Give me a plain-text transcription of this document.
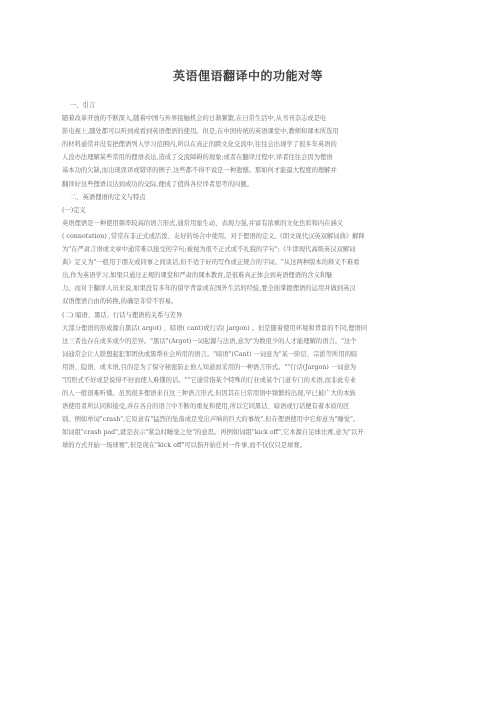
英语俚语翻译中的功能对等

一、引言

随着改革开放的不断深入,随着中国与外界接触机会的日渐频繁,在日常生活中,从书刊杂志或是电

影电视上,随处都可以听到或看到英语俚语的使用。但是,在中国传统的英语课堂中,教师和课本所选用

的材料通常并没有把俚语列入学习范围内,所以在真正的跨文化交流中,往往会出现学了很多年英语的

人没办法理解某些常用的俚语表达,造成了交流障碍的现象;或者在翻译过程中,译者往往会因为俚语

基本功的欠缺,而出现误译或错译的例子,这些都不得不说是一种遗憾。那如何才能最大程度的理解并

翻译好这些俚语以达到成功的交际,便成了值得各位译者思考的问题。

二、英语俚语的定义与特点

(一)定义

英语俚语是一种使用频率较高的语言形式,通常用象生动、表现力强,并富有浓重的文化色彩和内在涵义

( connotation) ,常常在非正式或活泼、友好的场合中使用。对于俚语的定义,《朗文现代汉英双解词典》解释

为"在严肃言语或文章中通常难以接受的字句;被视为很不正式或不礼貌的字句";《牛津现代高级英汉双解词

典》定义为"一般用于朋友或同事之间谈话,但不适于好的写作或正规合的字词。"从这两种版本的释义不难看

出,作为英语学习,如果只通过正规的课堂和严肃的课本教育,是很难真正体会到英语俚语的含义和魅

力。而对于翻译人员来说,如果没有多年的留学背景或在国外生活的经验,要全面掌握俚语的运用并做到英汉

双语俚语自由的转换,的确是非常不容易。

(二) 暗语、黑话、行话与俚语的关系与差异

大部分俚语的形成源自黑话( argot) 、暗语( cant)或行话( jargon) 。但是随着使用环境和背景的不同,俚语同

这三者也存在或多或少的差异。"黑话"(Argot)一词起源与法语,意为"为数很少的人才能理解的语言。"这个

词通常会让人联想起犯罪团伙或黑帮社会所用的语言。"暗语"(Cant) 一词意为"某一阶层、宗派等所用的暗

用语、隐语、或术语,目的是为了保守秘密防止他人知道而采用的一种语言形式。""行话(Jargon) 一词意为

"因形式不好或是说得不好而使人难懂的话。""它通常指某个特殊的行业或某个门道专门的术语,而非此专业

的人一般很难听懂。虽然很多俚语来自这三种语言形式,但因其在日常用语中频繁的出现,早已被广大的本族

语使用者所认同和接受,并在各自的语言中不断的重复和使用,所以它同黑话、暗语或行话便有着本质的区

别。例如单词"crash",它原意有"猛烈的坠落或是发出声响的巨大的事故",但在俚语使用中它却意为"睡觉"。

如词组"crash pad",就是表示"紧急时睡觉之处"的意思。再例如词组"kick off",它本源自足球比赛,意为"以开

球的方式开始一场球赛",但是现在"kick off"可以指开始任何一件事,而不仅仅只是球赛。
